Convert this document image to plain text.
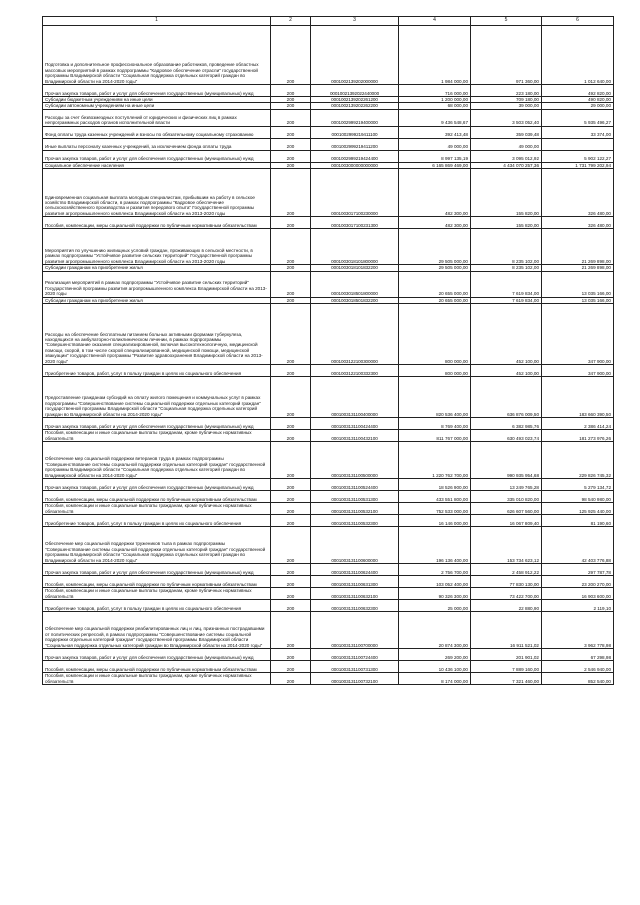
1	2	3	4	5	6
Подготовка и дополнительное профессиональное образование работников, проведение областных массовых мероприятий в рамках подпрограммы "Кадровое обеспечение отрасли" государственной программы Владимирской области "Социальная поддержка отдельных категорий граждан во Владимирской области на 2014-2020 годы"	200	0001002139202000000	1 984 000,00	971 360,00	1 012 640,00
Прочая закупка товаров, работ и услуг для обеспечения государственных (муниципальных) нужд	200	00010021392022440000	716 000,00	223 180,00	492 820,00
Субсидии бюджетным учреждениям на иные цели	200	0001002139202261200	1 200 000,00	709 180,00	490 820,00
Субсидии автономным учреждениям на иные цели	200	0001002139202262200	68 000,00	39 000,00	29 000,00
Расходы за счет безвозмездных поступлений от юридических и физических лиц в рамках непрограммных расходов органов исполнительной власти	200	0001002999219400000	9 436 548,67	3 503 052,40	5 935 496,27
Фонд оплаты труда казенных учреждений и взносы по обязательному социальному страхованию	200	0001002999219411100	392 413,48	359 039,48	33 374,00
Иные выплаты персоналу казенных учреждений, за исключением фонда оплаты труда	200	0001002999219411200	49 000,00	49 000,00	
Прочая закупка товаров, работ и услуг для обеспечения государственных (муниципальных) нужд	200	0001002999219424400	8 997 135,19	3 095 012,92	5 902 122,27
Социальное обеспечение населения	200	0001003000000000000	6 165 869 469,00	4 434 070 257,36	1 731 799 202,94
Единовременная социальная выплата молодым специалистам, прибывшим на работу в сельское хозяйство Владимирской области, в рамках подпрограммы "Кадровое обеспечение сельскохозяйственного производства и развития передового опыта" Государственной программы развития агропромышленного комплекса Владимирской области на 2013-2020 годы	200	0001003017100230000	482 300,00	155 820,00	326 480,00
Пособия, компенсации, меры социальной поддержки по публичным нормативным обязательствам	200	0001003017100231300	482 300,00	155 820,00	326 480,00
Мероприятия по улучшению жилищных условий граждан, проживающих в сельской местности, в рамках подпрограммы "Устойчивое развитие сельских территорий" Государственной программы развития агропромышленного комплекса Владимирской области на 2013-2020 годы	200	0001003018101800000	29 505 000,00	8 235 102,00	21 269 898,00
Субсидии гражданам на приобретение жилья	200	0001003018101832200	29 505 000,00	8 235 102,00	21 269 898,00
Реализация мероприятий в рамках подпрограммы "Устойчивое развитие сельских территорий" Государственной программы развития агропромышленного комплекса Владимирской области на 2013-2020 годы	200	0001003018501800000	20 655 000,00	7 619 834,00	13 035 166,00
Субсидии гражданам на приобретение жилья	200	0001003018501832200	20 655 000,00	7 619 834,00	13 035 166,00
Расходы на обеспечение бесплатным питанием больных активными формами туберкулеза, находящихся на амбулаторно-поликлиническом лечении, в рамках подпрограммы "Совершенствование оказания специализированной, включая высокотехнологичную, медицинской помощи, скорой, в том числе скорой специализированной, медицинской помощи, медицинской эвакуации" государственной программы "Развитие здравоохранения Владимирской области на 2013-2020 годы"	200	0001003122100300000	800 000,00	452 100,00	347 900,00
Приобретение товаров, работ, услуг в пользу граждан в целях их социального обеспечения	200	0001003122100332300	800 000,00	452 100,00	347 900,00
Предоставление гражданам субсидий на оплату жилого помещения и коммунальных услуг в рамках подпрограммы "Совершенствование системы социальной поддержки отдельных категорий граждан" государственной программы Владимирской области "Социальная поддержка отдельных категорий граждан во Владимирской области на 2014-2020 годы"	200	0001003131100400000	820 536 400,00	636 876 009,50	183 660 390,50
Прочая закупка товаров, работ и услуг для обеспечения государственных (муниципальных) нужд	200	0001003131100424400	8 769 400,00	6 382 985,76	2 386 414,24
Пособия, компенсации и иные социальные выплаты гражданам, кроме публичных нормативных обязательств	200	0001003131100432100	811 767 000,00	630 493 023,74	181 273 976,26
Обеспечение мер социальной поддержки ветеранов труда в рамках подпрограммы "Совершенствование системы социальной поддержки отдельных категорий граждан" государственной программы Владимирской области "Социальная поддержка отдельных категорий граждан во Владимирской области на 2014-2020 годы"	200	0001003131100500000	1 220 762 700,00	990 935 954,68	229 826 745,32
Прочая закупка товаров, работ и услуг для обеспечения государственных (муниципальных) нужд	200	0001003131100524400	18 526 900,00	13 249 765,28	5 279 134,72
Пособия, компенсации, меры социальной поддержки по публичным нормативным обязательствам	200	0001003131100531300	433 551 800,00	335 010 820,00	98 540 980,00
Пособия, компенсации и иные социальные выплаты гражданам, кроме публичных нормативных обязательств	200	0001003131100532100	752 533 000,00	626 607 560,00	125 925 440,00
Приобретение товаров, работ, услуг в пользу граждан в целях их социального обеспечения	200	0001003131100532300	16 146 000,00	16 067 809,40	81 190,60
Обеспечение мер социальной поддержки тружеников тыла в рамках подпрограммы "Совершенствование системы социальной поддержки отдельных категорий граждан" государственной программы Владимирской области "Социальная поддержка отдельных категорий граждан во Владимирской области на 2014-2020 годы"	200	0001003131100600000	196 136 400,00	153 734 623,12	42 403 776,88
Прочая закупка товаров, работ и услуг для обеспечения государственных (муниципальных) нужд	200	0001003131100624400	2 756 700,00	2 458 912,22	297 787,78
Пособия, компенсации, меры социальной поддержки по публичным нормативным обязательствам	200	0001003131100631300	103 052 400,00	77 830 130,00	23 200 270,00
Пособия, компенсации и иные социальные выплаты гражданам, кроме публичных нормативных обязательств	200	0001003131100632100	90 326 300,00	73 422 700,00	16 903 600,00
Приобретение товаров, работ, услуг в пользу граждан в целях их социального обеспечения	200	0001003131100632300	25 000,00	22 880,90	2 119,10
Обеспечение мер социальной поддержки реабилитированных лиц и лиц, признанных пострадавшими от политических репрессий, в рамках подпрограммы "Совершенствование системы социальной поддержки отдельных категорий граждан" государственной программы Владимирской области "Социальная поддержка отдельных категорий граждан во Владимирской области на 2014-2020 годы"	200	0001003131100700000	20 874 300,00	16 911 521,02	3 962 778,98
Прочая закупка товаров, работ и услуг для обеспечения государственных (муниципальных) нужд	200	0001003131100724400	269 200,00	201 901,02	67 298,98
Пособия, компенсации, меры социальной поддержки по публичным нормативным обязательствам	200	0001003131100731300	10 436 100,00	7 889 160,00	2 546 940,00
Пособия, компенсации и иные социальные выплаты гражданам, кроме публичных нормативных обязательств	200	0001003131100732100	8 174 000,00	7 321 460,00	852 540,00
